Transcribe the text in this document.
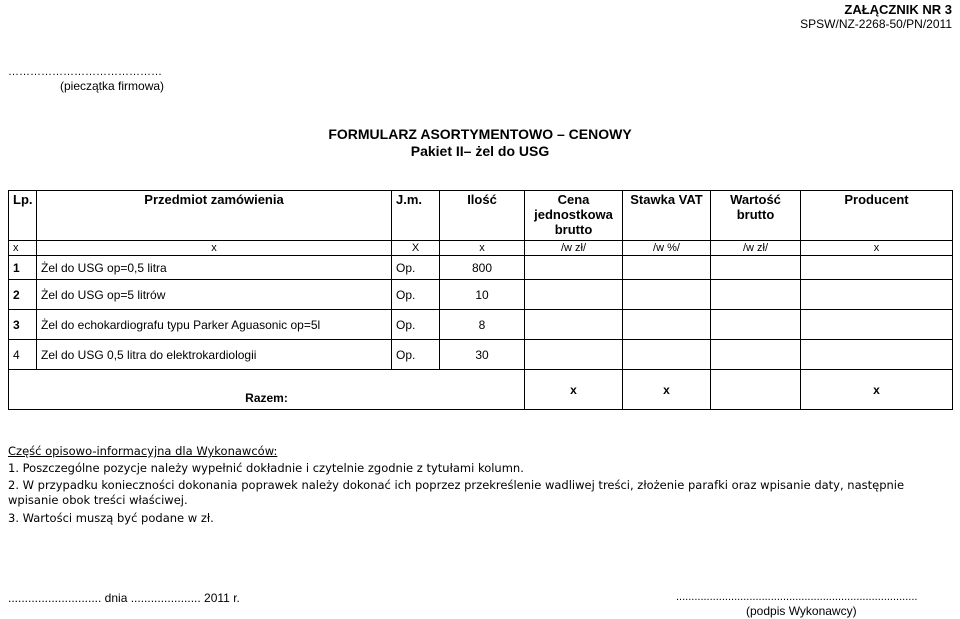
ZAŁĄCZNIK NR 3
SPSW/NZ-2268-50/PN/2011
……………………………………
(pieczątka firmowa)
FORMULARZ ASORTYMENTOWO – CENOWY
Pakiet II– żel do USG
Lp.	Przedmiot zamówienia	J.m.	Ilość	Cena jednostkowa brutto	Stawka VAT	Wartość brutto	Producent
x	x	X	x	/w zł/	/w %/	/w zł/	x
1	Żel do USG op=0,5 litra	Op.	800				
2	Żel do USG op=5 litrów	Op.	10				
3	Żel do echokardiografu typu Parker Aguasonic op=5l	Op.	8				
4	Zel do USG 0,5 litra do elektrokardiologii	Op.	30				
Razem:				x	x		x
Część opisowo-informacyjna dla Wykonawców:
1. Poszczególne pozycje należy wypełnić dokładnie i czytelnie zgodnie z tytułami kolumn.
2. W przypadku konieczności dokonania poprawek należy dokonać ich poprzez przekreślenie wadliwej treści, złożenie parafki oraz wpisanie daty, następnie wpisanie obok treści właściwej.
3. Wartości muszą być podane w zł.
............................ dnia ..................... 2011 r.	...............................................................................
(podpis Wykonawcy)
